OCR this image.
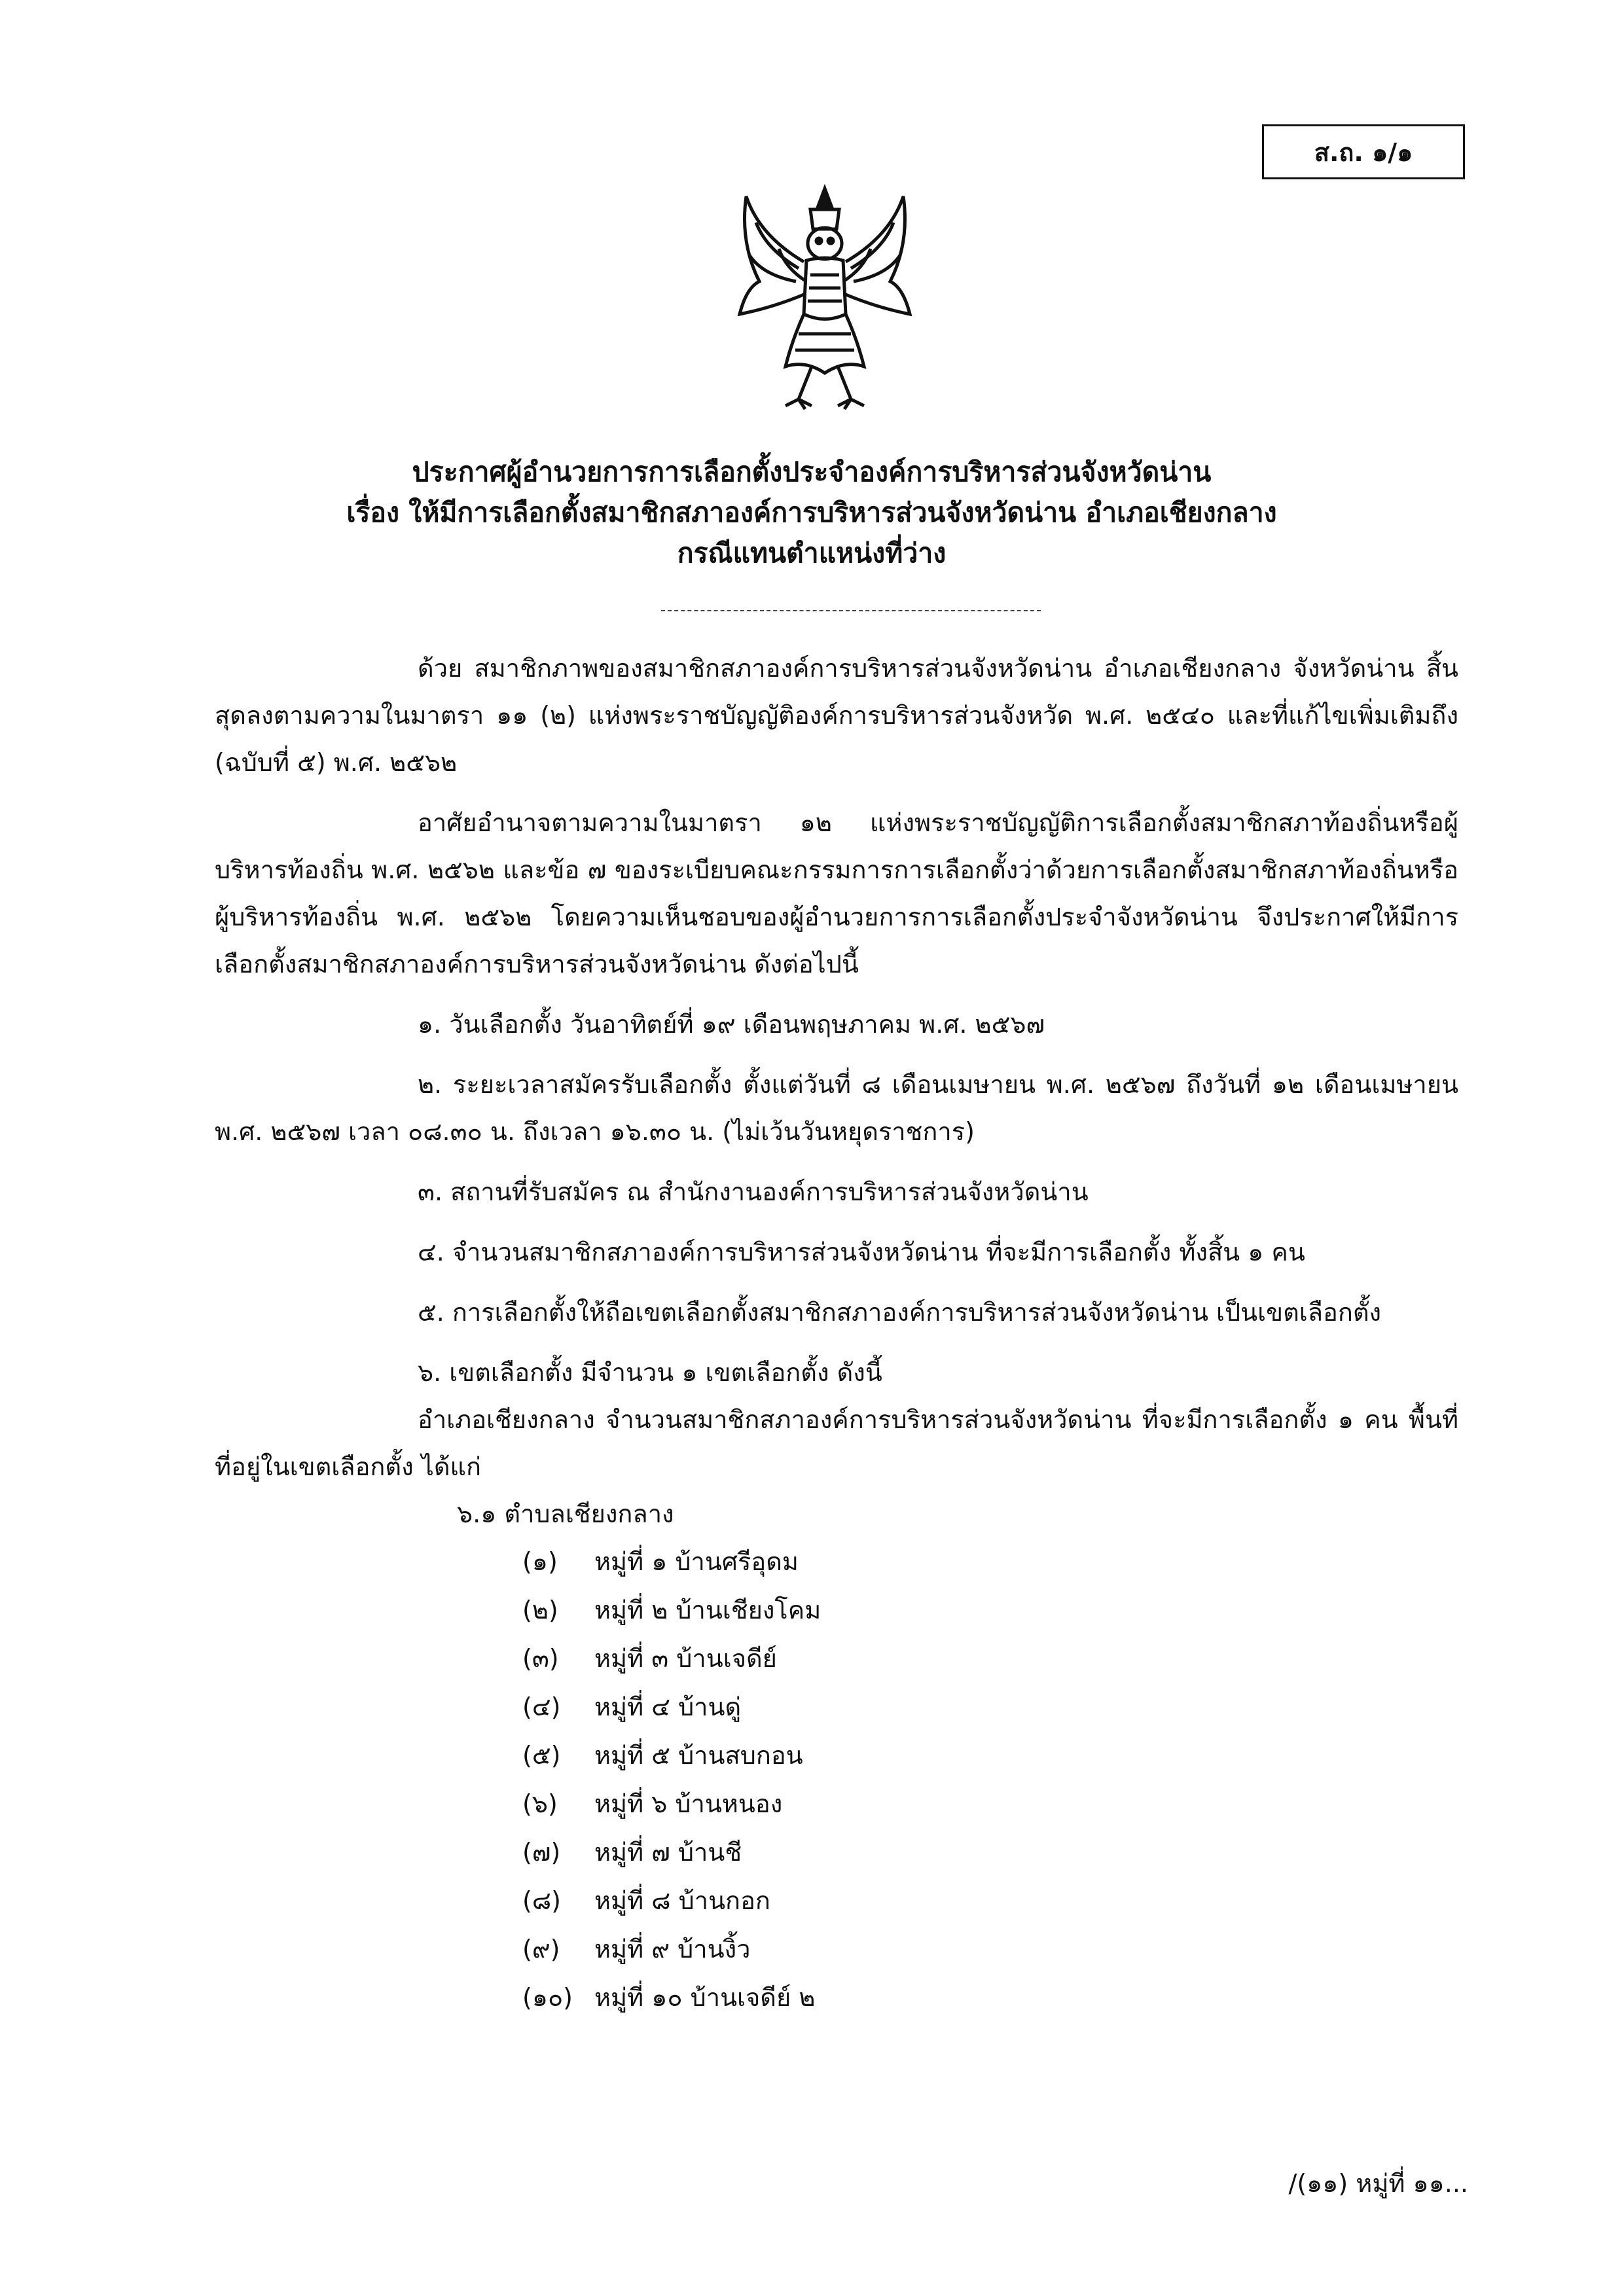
ส.ถ. ๑/๑
ประกาศผู้อำนวยการการเลือกตั้งประจำองค์การบริหารส่วนจังหวัดน่าน
เรื่อง ให้มีการเลือกตั้งสมาชิกสภาองค์การบริหารส่วนจังหวัดน่าน อำเภอเชียงกลาง
กรณีแทนตำแหน่งที่ว่าง

ด้วย สมาชิกภาพของสมาชิกสภาองค์การบริหารส่วนจังหวัดน่าน อำเภอเชียงกลาง จังหวัดน่าน สิ้นสุดลงตามความในมาตรา ๑๑ (๒) แห่งพระราชบัญญัติองค์การบริหารส่วนจังหวัด พ.ศ. ๒๕๔๐ และที่แก้ไขเพิ่มเติมถึง (ฉบับที่ ๕) พ.ศ. ๒๕๖๒

อาศัยอำนาจตามความในมาตรา ๑๒ แห่งพระราชบัญญัติการเลือกตั้งสมาชิกสภาท้องถิ่นหรือผู้บริหารท้องถิ่น พ.ศ. ๒๕๖๒ และข้อ ๗ ของระเบียบคณะกรรมการการเลือกตั้งว่าด้วยการเลือกตั้งสมาชิกสภาท้องถิ่นหรือผู้บริหารท้องถิ่น พ.ศ. ๒๕๖๒ โดยความเห็นชอบของผู้อำนวยการการเลือกตั้งประจำจังหวัดน่าน จึงประกาศให้มีการเลือกตั้งสมาชิกสภาองค์การบริหารส่วนจังหวัดน่าน ดังต่อไปนี้

๑. วันเลือกตั้ง วันอาทิตย์ที่ ๑๙ เดือนพฤษภาคม พ.ศ. ๒๕๖๗

๒. ระยะเวลาสมัครรับเลือกตั้ง ตั้งแต่วันที่ ๘ เดือนเมษายน พ.ศ. ๒๕๖๗ ถึงวันที่ ๑๒ เดือนเมษายน พ.ศ. ๒๕๖๗ เวลา ๐๘.๓๐ น. ถึงเวลา ๑๖.๓๐ น. (ไม่เว้นวันหยุดราชการ)

๓. สถานที่รับสมัคร ณ สำนักงานองค์การบริหารส่วนจังหวัดน่าน

๔. จำนวนสมาชิกสภาองค์การบริหารส่วนจังหวัดน่าน ที่จะมีการเลือกตั้ง ทั้งสิ้น ๑ คน

๕. การเลือกตั้งให้ถือเขตเลือกตั้งสมาชิกสภาองค์การบริหารส่วนจังหวัดน่าน เป็นเขตเลือกตั้ง

๖. เขตเลือกตั้ง มีจำนวน ๑ เขตเลือกตั้ง ดังนี้

อำเภอเชียงกลาง จำนวนสมาชิกสภาองค์การบริหารส่วนจังหวัดน่าน ที่จะมีการเลือกตั้ง ๑ คน พื้นที่ที่อยู่ในเขตเลือกตั้ง ได้แก่

๖.๑ ตำบลเชียงกลาง
(๑)	หมู่ที่ ๑ บ้านศรีอุดม
(๒)	หมู่ที่ ๒ บ้านเชียงโคม
(๓)	หมู่ที่ ๓ บ้านเจดีย์
(๔)	หมู่ที่ ๔ บ้านดู่
(๕)	หมู่ที่ ๕ บ้านสบกอน
(๖)	หมู่ที่ ๖ บ้านหนอง
(๗)	หมู่ที่ ๗ บ้านชี
(๘)	หมู่ที่ ๘ บ้านกอก
(๙)	หมู่ที่ ๙ บ้านงิ้ว
(๑๐) หมู่ที่ ๑๐ บ้านเจดีย์ ๒
/(๑๑) หมู่ที่ ๑๑...
